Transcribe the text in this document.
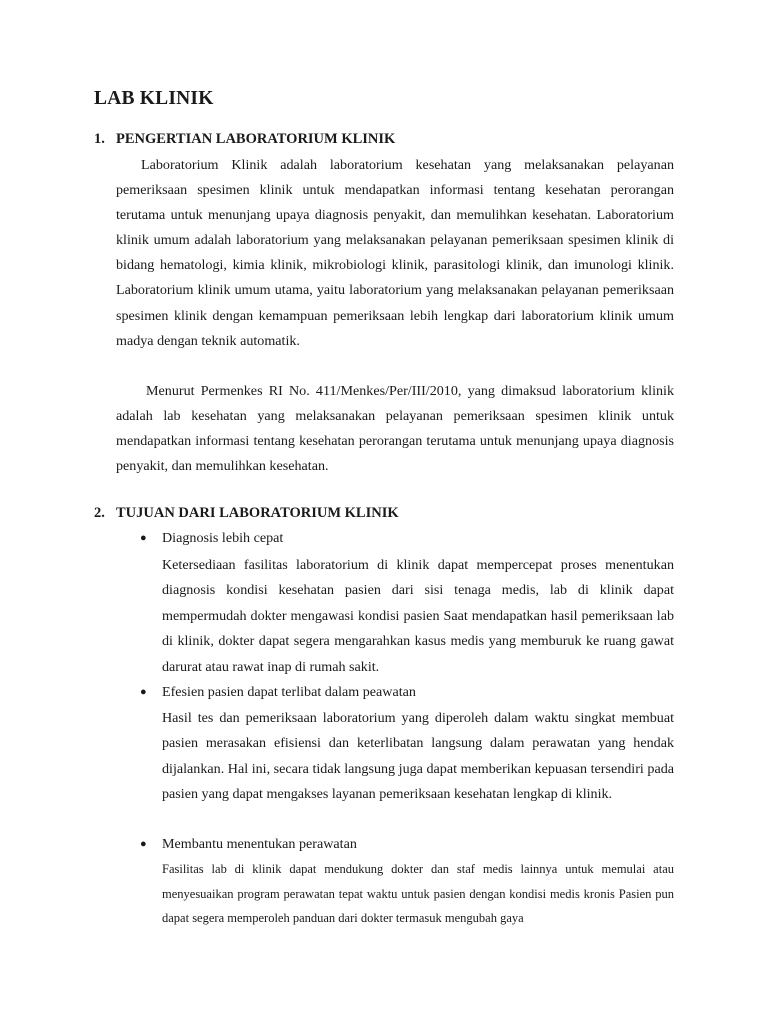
LAB KLINIK
1. PENGERTIAN LABORATORIUM KLINIK

Laboratorium Klinik adalah laboratorium kesehatan yang melaksanakan pelayanan pemeriksaan spesimen klinik untuk mendapatkan informasi tentang kesehatan perorangan terutama untuk menunjang upaya diagnosis penyakit, dan memulihkan kesehatan. Laboratorium klinik umum adalah laboratorium yang melaksanakan pelayanan pemeriksaan spesimen klinik di bidang hematologi, kimia klinik, mikrobiologi klinik, parasitologi klinik, dan imunologi klinik. Laboratorium klinik umum utama, yaitu laboratorium yang melaksanakan pelayanan pemeriksaan spesimen klinik dengan kemampuan pemeriksaan lebih lengkap dari laboratorium klinik umum madya dengan teknik automatik.

Menurut Permenkes RI No. 411/Menkes/Per/III/2010, yang dimaksud laboratorium klinik adalah lab kesehatan yang melaksanakan pelayanan pemeriksaan spesimen klinik untuk mendapatkan informasi tentang kesehatan perorangan terutama untuk menunjang upaya diagnosis penyakit, dan memulihkan kesehatan.

2. TUJUAN DARI LABORATORIUM KLINIK
● Diagnosis lebih cepat

Ketersediaan fasilitas laboratorium di klinik dapat mempercepat proses menentukan diagnosis kondisi kesehatan pasien dari sisi tenaga medis, lab di klinik dapat mempermudah dokter mengawasi kondisi pasien Saat mendapatkan hasil pemeriksaan lab di klinik, dokter dapat segera mengarahkan kasus medis yang memburuk ke ruang gawat darurat atau rawat inap di rumah sakit.

● Efesien pasien dapat terlibat dalam peawatan

Hasil tes dan pemeriksaan laboratorium yang diperoleh dalam waktu singkat membuat pasien merasakan efisiensi dan keterlibatan langsung dalam perawatan yang hendak dijalankan. Hal ini, secara tidak langsung juga dapat memberikan kepuasan tersendiri pada pasien yang dapat mengakses layanan pemeriksaan kesehatan lengkap di klinik.

● Membantu menentukan perawatan

Fasilitas lab di klinik dapat mendukung dokter dan staf medis lainnya untuk memulai atau menyesuaikan program perawatan tepat waktu untuk pasien dengan kondisi medis kronis Pasien pun dapat segera memperoleh panduan dari dokter termasuk mengubah gaya
